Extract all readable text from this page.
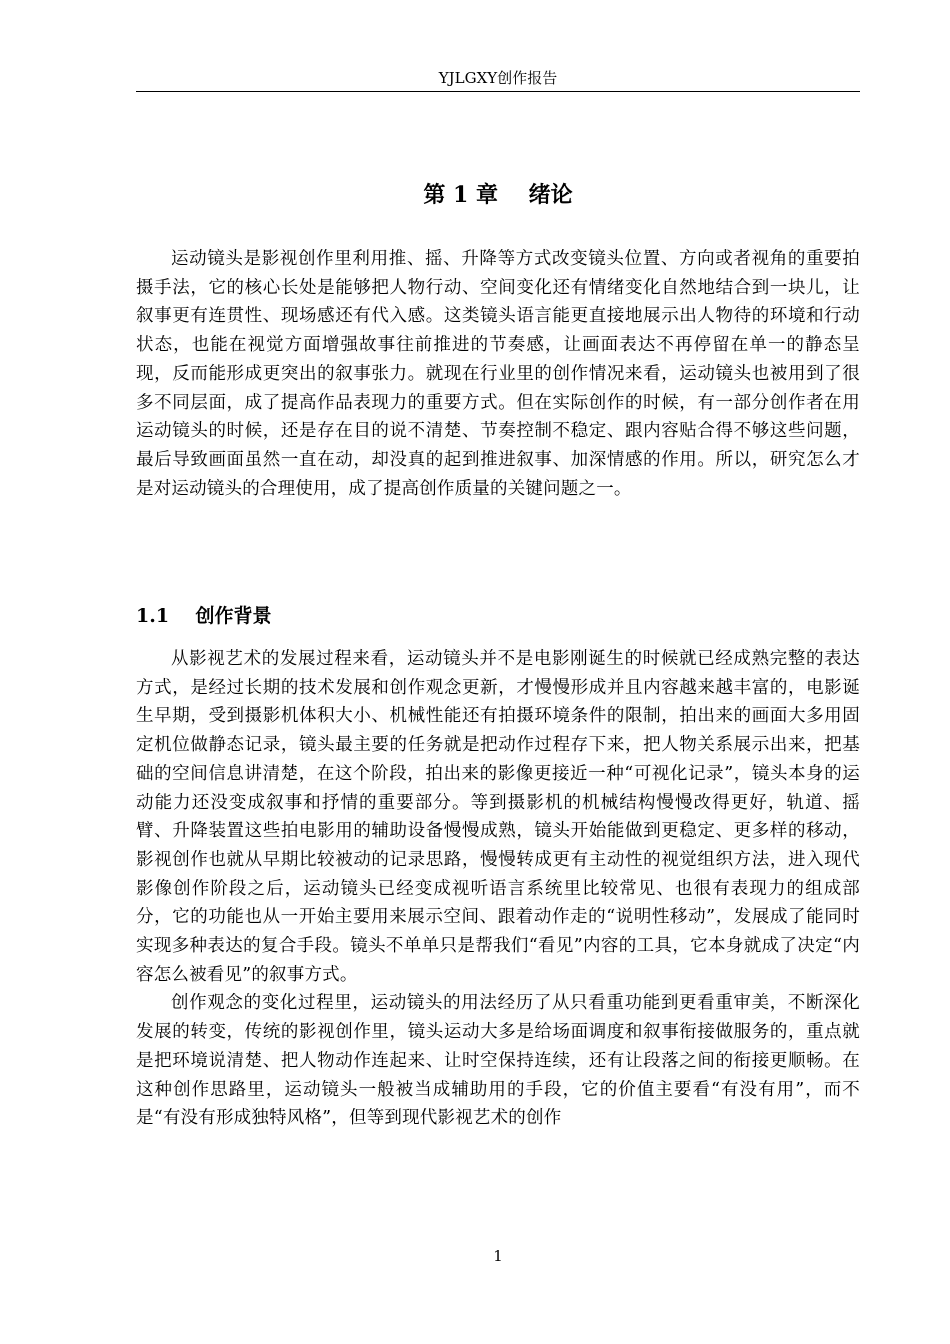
YJLGXY创作报告
第 1 章    绪论

运动镜头是影视创作里利用推、摇、升降等方式改变镜头位置、方向或者视角的重要拍摄手法，它的核心长处是能够把人物行动、空间变化还有情绪变化自然地结合到一块儿，让叙事更有连贯性、现场感还有代入感。这类镜头语言能更直接地展示出人物待的环境和行动状态，也能在视觉方面增强故事往前推进的节奏感，让画面表达不再停留在单一的静态呈现，反而能形成更突出的叙事张力。就现在行业里的创作情况来看，运动镜头也被用到了很多不同层面，成了提高作品表现力的重要方式。但在实际创作的时候，有一部分创作者在用运动镜头的时候，还是存在目的说不清楚、节奏控制不稳定、跟内容贴合得不够这些问题，最后导致画面虽然一直在动，却没真的起到推进叙事、加深情感的作用。所以，研究怎么才是对运动镜头的合理使用，成了提高创作质量的关键问题之一。

1.1    创作背景

从影视艺术的发展过程来看，运动镜头并不是电影刚诞生的时候就已经成熟完整的表达方式，是经过长期的技术发展和创作观念更新，才慢慢形成并且内容越来越丰富的，电影诞生早期，受到摄影机体积大小、机械性能还有拍摄环境条件的限制，拍出来的画面大多用固定机位做静态记录，镜头最主要的任务就是把动作过程存下来，把人物关系展示出来，把基础的空间信息讲清楚，在这个阶段，拍出来的影像更接近一种“可视化记录”，镜头本身的运动能力还没变成叙事和抒情的重要部分。等到摄影机的机械结构慢慢改得更好，轨道、摇臂、升降装置这些拍电影用的辅助设备慢慢成熟，镜头开始能做到更稳定、更多样的移动，影视创作也就从早期比较被动的记录思路，慢慢转成更有主动性的视觉组织方法，进入现代影像创作阶段之后，运动镜头已经变成视听语言系统里比较常见、也很有表现力的组成部分，它的功能也从一开始主要用来展示空间、跟着动作走的“说明性移动”，发展成了能同时实现多种表达的复合手段。镜头不单单只是帮我们“看见”内容的工具，它本身就成了决定“内容怎么被看见”的叙事方式。

创作观念的变化过程里，运动镜头的用法经历了从只看重功能到更看重审美，不断深化发展的转变，传统的影视创作里，镜头运动大多是给场面调度和叙事衔接做服务的，重点就是把环境说清楚、把人物动作连起来、让时空保持连续，还有让段落之间的衔接更顺畅。在这种创作思路里，运动镜头一般被当成辅助用的手段，它的价值主要看“有没有用”，而不是“有没有形成独特风格”，但等到现代影视艺术的创作

1
